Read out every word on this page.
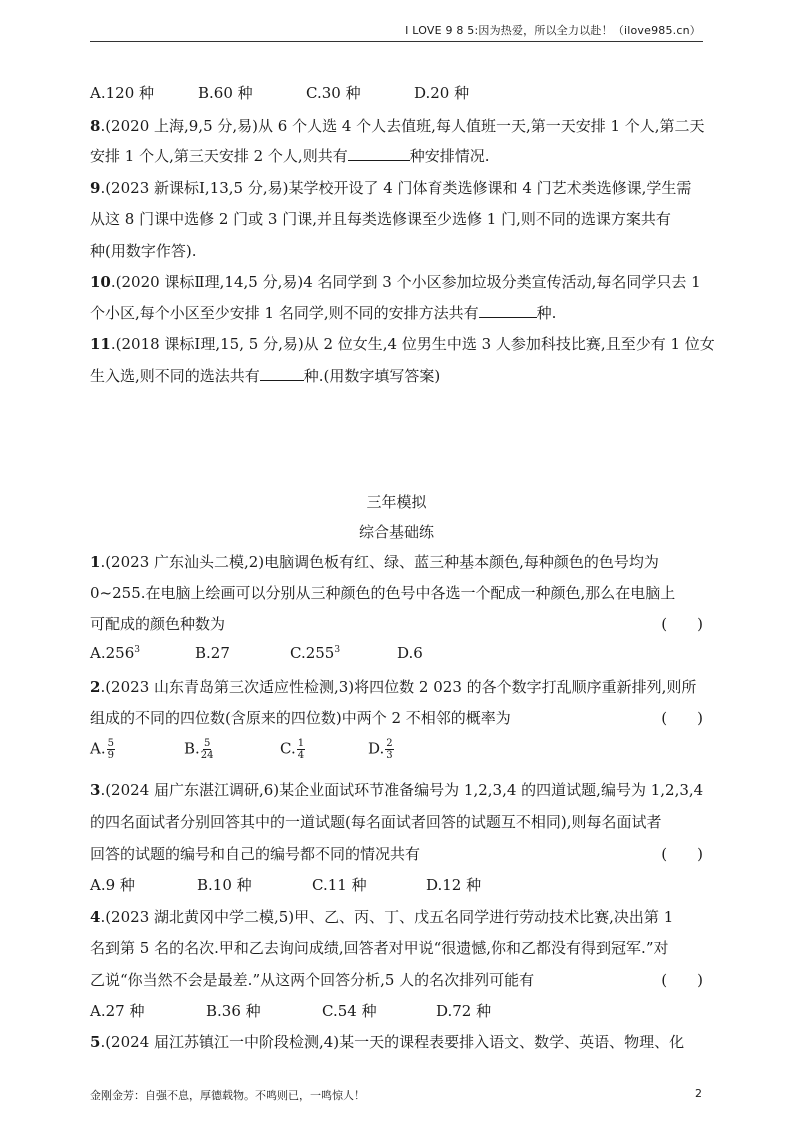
I LOVE 9 8 5:因为热爱，所以全力以赴！（ilove985.cn）
A.120 种	B.60 种	C.30 种	D.20 种
8.(2020 上海,9,5 分,易)从 6 个人选 4 个人去值班,每人值班一天,第一天安排 1 个人,第二天
安排 1 个人,第三天安排 2 个人,则共有	种安排情况.
9.(2023 新课标Ⅰ,13,5 分,易)某学校开设了 4 门体育类选修课和 4 门艺术类选修课,学生需
从这 8 门课中选修 2 门或 3 门课,并且每类选修课至少选修 1 门,则不同的选课方案共有
种(用数字作答).
10.(2020 课标Ⅱ理,14,5 分,易)4 名同学到 3 个小区参加垃圾分类宣传活动,每名同学只去 1
个小区,每个小区至少安排 1 名同学,则不同的安排方法共有	种.
11.(2018 课标Ⅰ理,15, 5 分,易)从 2 位女生,4 位男生中选 3 人参加科技比赛,且至少有 1 位女
生入选,则不同的选法共有	种.(用数字填写答案)
三年模拟
综合基础练
1.(2023 广东汕头二模,2)电脑调色板有红、绿、蓝三种基本颜色,每种颜色的色号均为
0~255.在电脑上绘画可以分别从三种颜色的色号中各选一个配成一种颜色,那么在电脑上
可配成的颜色种数为	(　　)
A.256$^3$	B.27	C.255$^3$	D.6
2.(2023 山东青岛第三次适应性检测,3)将四位数 2 023 的各个数字打乱顺序重新排列,则所
组成的不同的四位数(含原来的四位数)中两个 2 不相邻的概率为	(　　)
A. $\frac{5}{9}$	B. $\frac{5}{24}$	C. $\frac{1}{4}$	D. $\frac{2}{3}$
3.(2024 届广东湛江调研,6)某企业面试环节准备编号为 1,2,3,4 的四道试题,编号为 1,2,3,4
的四名面试者分别回答其中的一道试题(每名面试者回答的试题互不相同),则每名面试者
回答的试题的编号和自己的编号都不同的情况共有	(　　)
A.9 种	B.10 种	C.11 种	D.12 种
4.(2023 湖北黄冈中学二模,5)甲、乙、丙、丁、戊五名同学进行劳动技术比赛,决出第 1
名到第 5 名的名次.甲和乙去询问成绩,回答者对甲说“很遗憾,你和乙都没有得到冠军.”对
乙说“你当然不会是最差.”从这两个回答分析,5 人的名次排列可能有	(　　)
A.27 种	B.36 种	C.54 种	D.72 种
5.(2024 届江苏镇江一中阶段检测,4)某一天的课程表要排入语文、数学、英语、物理、化
金刚金芳：自强不息，厚德载物。不鸣则已，一鸣惊人！	2
